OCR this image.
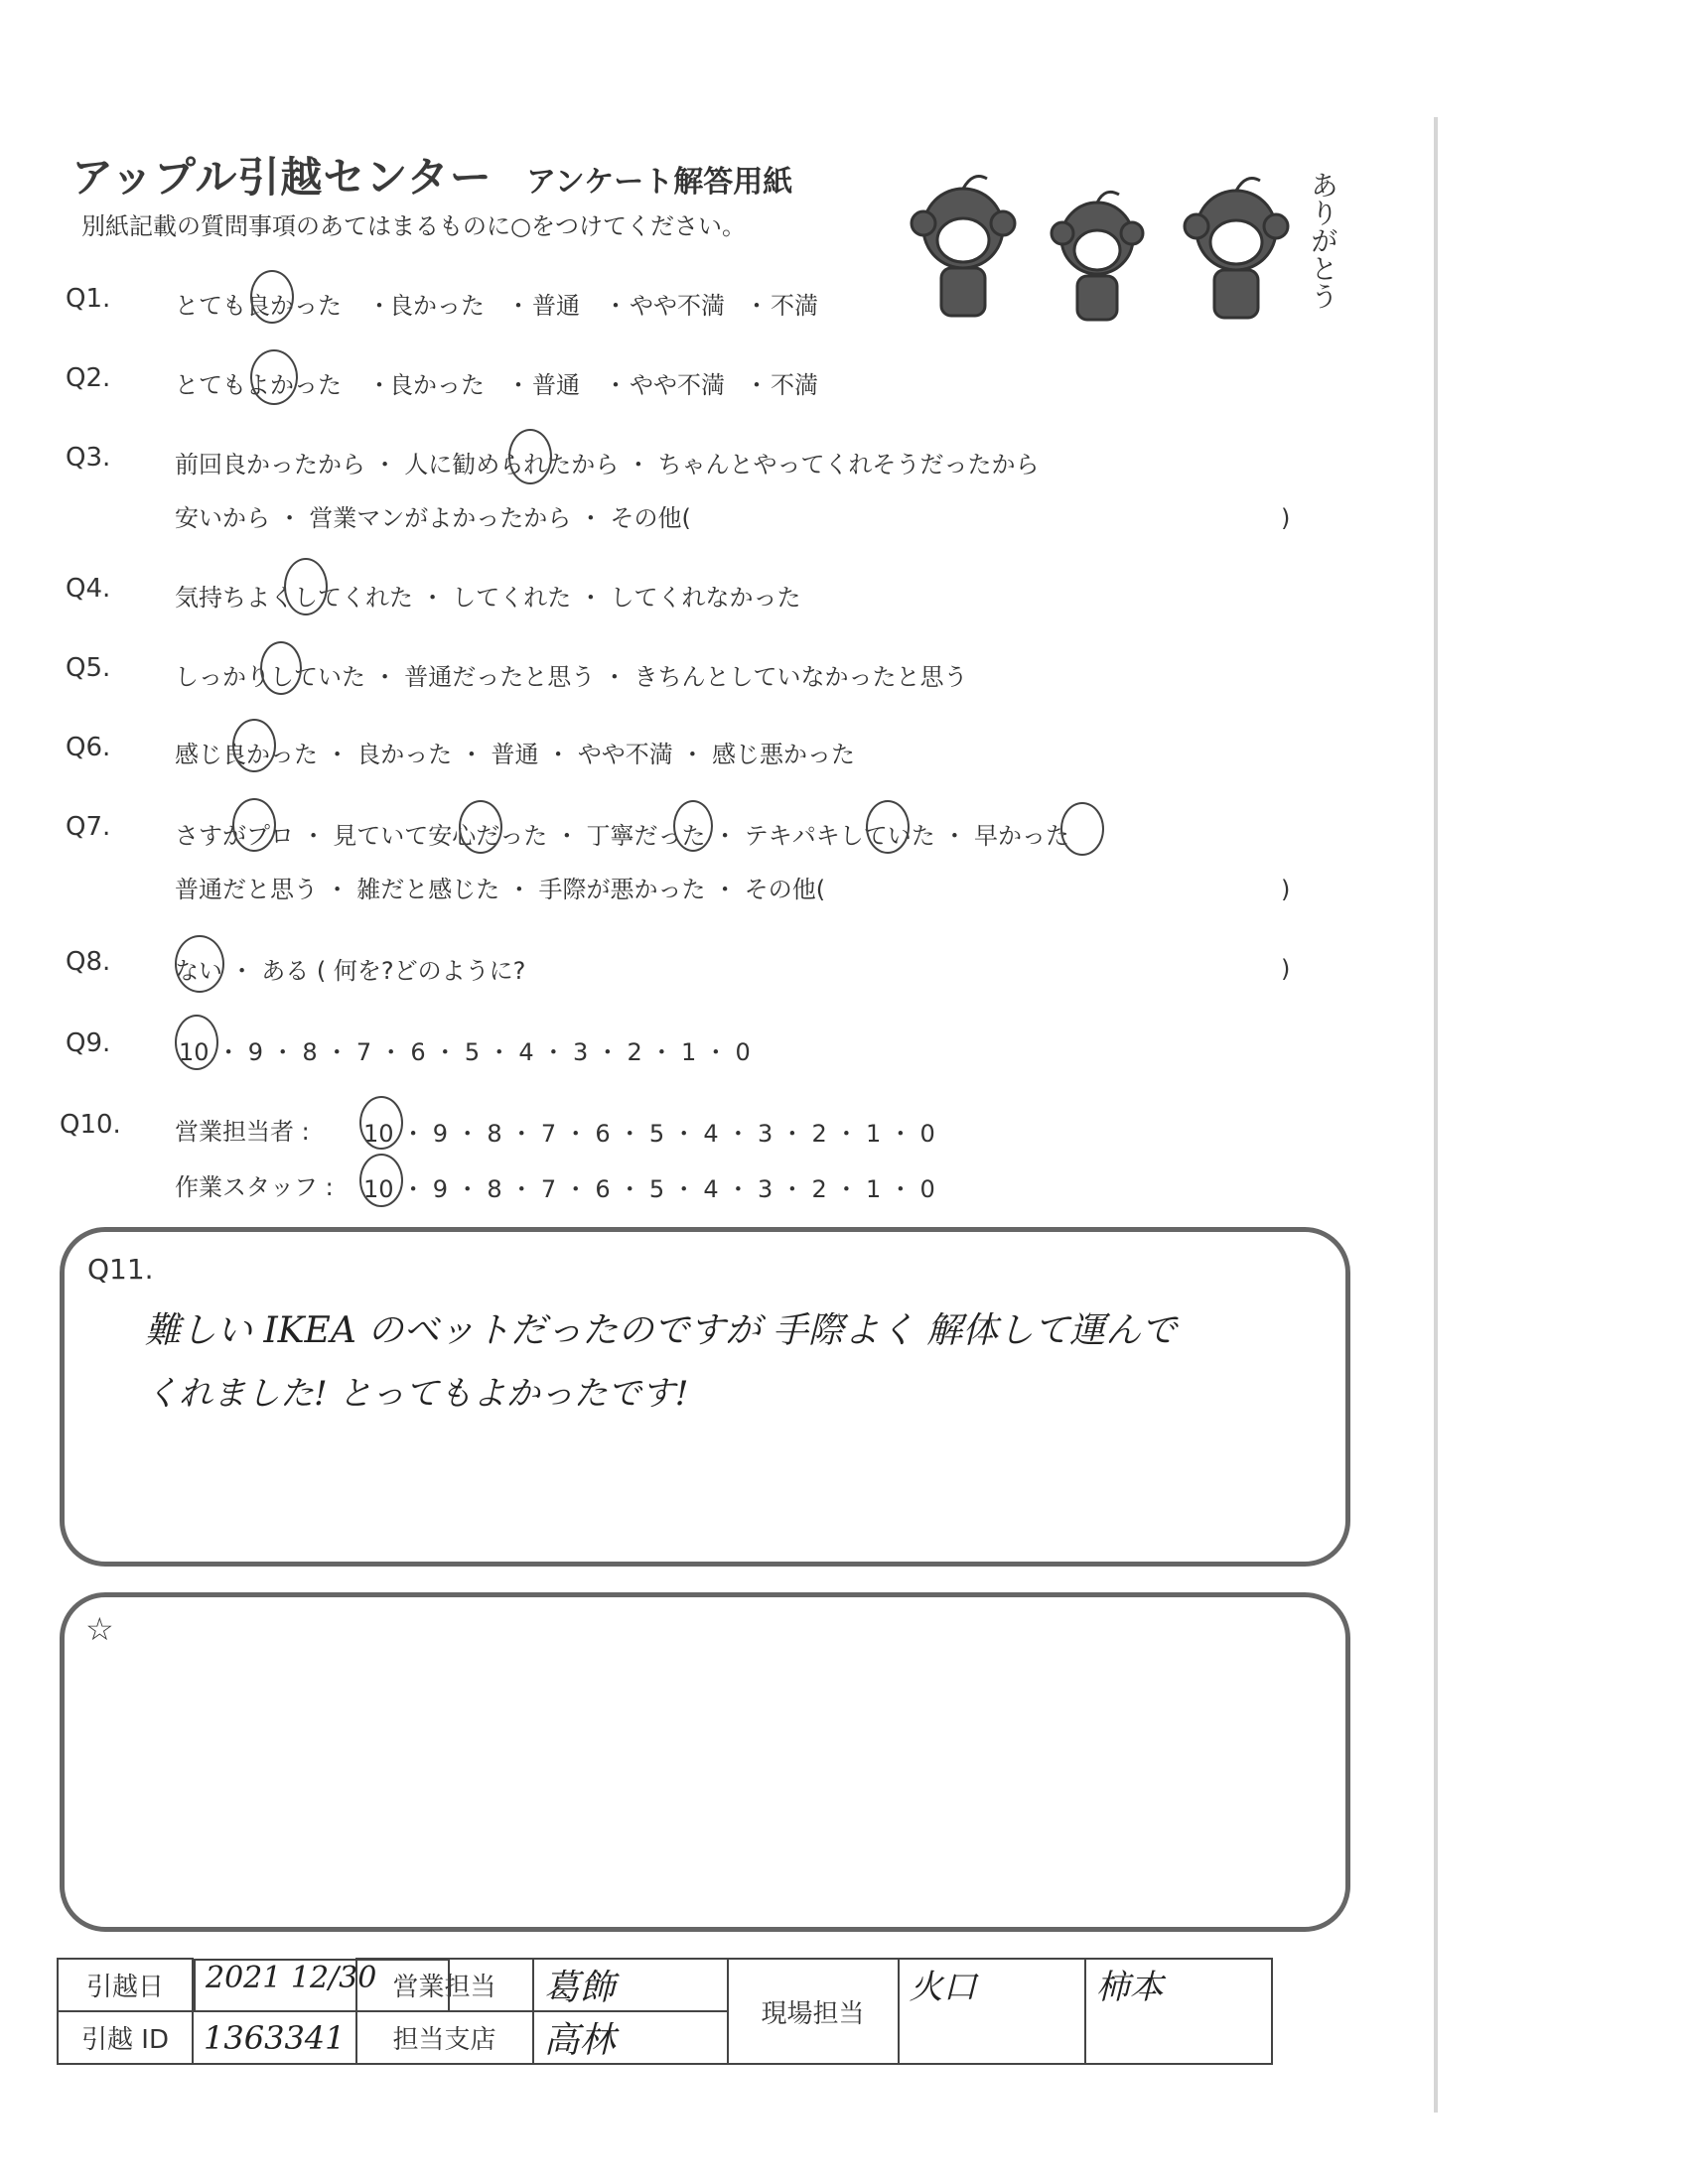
アップル引越センター アンケート解答用紙
別紙記載の質問事項のあてはまるものに○をつけてください。	ありがとう
Q1.	とても良かった ・
良かった ・ 普通 ・ やや不満 ・ 不満
Q2.	とてもよかった ・
良かった ・ 普通 ・ やや不満 ・ 不満
Q3.	前回良かったから ・ 人に勧められたから ・ ちゃんとやってくれそうだったから
安いから ・ 営業マンがよかったから ・ その他(	)
Q4.	気持ちよくしてくれた ・ してくれた ・ してくれなかった
Q5.	しっかりしていた ・ 普通だったと思う ・ きちんとしていなかったと思う
Q6.	感じ良かった ・ 良かった ・ 普通 ・ やや不満 ・ 感じ悪かった
Q7.	さすがプロ ・ 見ていて安心だった ・ 丁寧だった ・ テキパキしていた ・ 早かった
普通だと思う ・ 雑だと感じた ・ 手際が悪かった ・ その他(	)
Q8.	ない ・ ある ( 何を?どのように?	)
Q9.	10 ・ 9 ・ 8 ・ 7 ・ 6 ・ 5 ・ 4 ・ 3 ・ 2 ・ 1 ・ 0
Q10. 営業担当者 : 10 ・ 9 ・ 8 ・ 7 ・ 6 ・ 5 ・ 4 ・ 3 ・ 2 ・ 1 ・ 0
作業スタッフ : 10 ・ 9 ・ 8 ・ 7 ・ 6 ・ 5 ・ 4 ・ 3 ・ 2 ・ 1 ・ 0
Q11.
難しい IKEA のベットだったのですが 手際よく 解体して運んで
くれました! とってもよかったです!
☆
引越日		2021 12/30 営業担当	葛飾	現場担当	火口	柿本
引越 ID	1363341	担当支店	高林			
